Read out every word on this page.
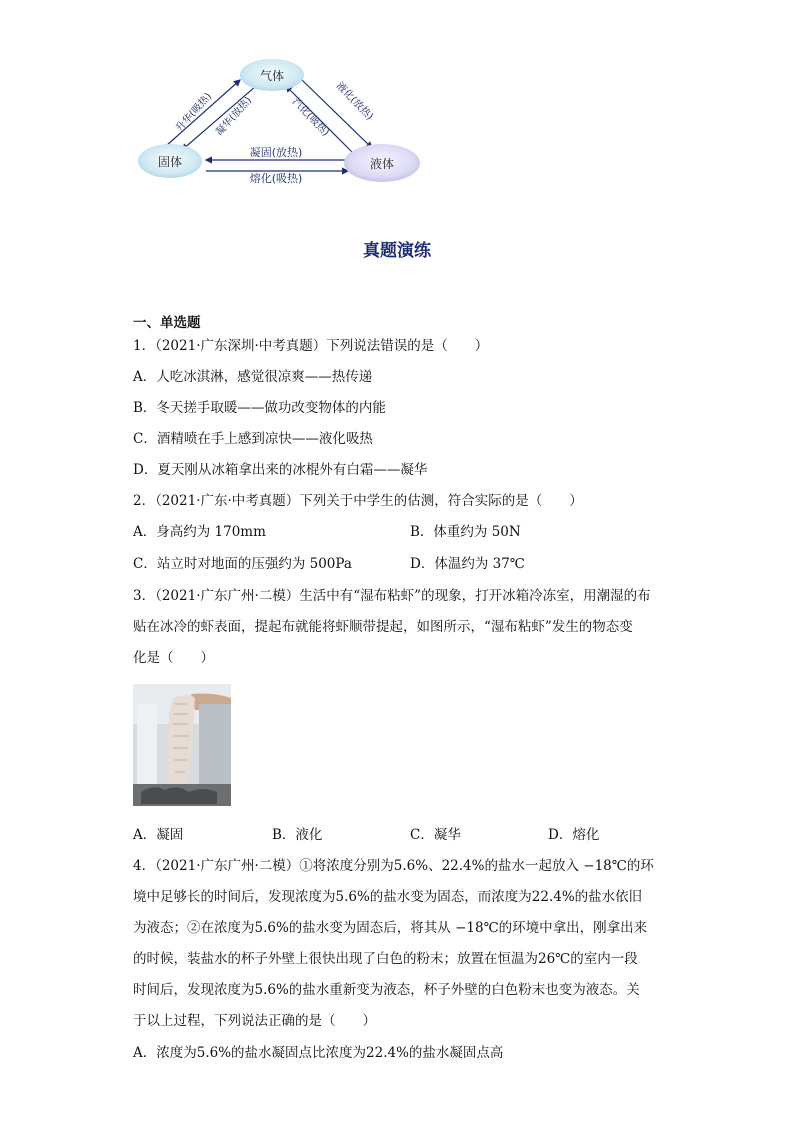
气体
固体	液体
升华(吸热) 凝华(放热)	汽化(吸热) 液化(放热)
凝固(放热)
熔化(吸热)
真题演练
一、单选题
1．（2021·广东深圳·中考真题）下列说法错误的是（　　）
A．人吃冰淇淋，感觉很凉爽——热传递
B．冬天搓手取暖——做功改变物体的内能
C．酒精喷在手上感到凉快——液化吸热
D．夏天刚从冰箱拿出来的冰棍外有白霜——凝华
2．（2021·广东·中考真题）下列关于中学生的估测，符合实际的是（　　）
A．身高约为 170mm	B．体重约为 50N
C．站立时对地面的压强约为 500Pa	D．体温约为 37℃
3．（2021·广东广州·二模）生活中有“湿布粘虾”的现象，打开冰箱冷冻室，用潮湿的布
贴在冰冷的虾表面，提起布就能将虾顺带提起，如图所示，“湿布粘虾”发生的物态变
化是（　　）
A．凝固	B．液化	C．凝华	D．熔化
4．（2021·广东广州·二模）①将浓度分别为5.6%、22.4%的盐水一起放入 −18℃的环
境中足够长的时间后，发现浓度为5.6%的盐水变为固态，而浓度为22.4%的盐水依旧
为液态；②在浓度为5.6%的盐水变为固态后，将其从 −18℃的环境中拿出，刚拿出来
的时候，装盐水的杯子外壁上很快出现了白色的粉末；放置在恒温为26℃的室内一段
时间后，发现浓度为5.6%的盐水重新变为液态，杯子外壁的白色粉末也变为液态。关
于以上过程，下列说法正确的是（　　）
A．浓度为5.6%的盐水凝固点比浓度为22.4%的盐水凝固点高
